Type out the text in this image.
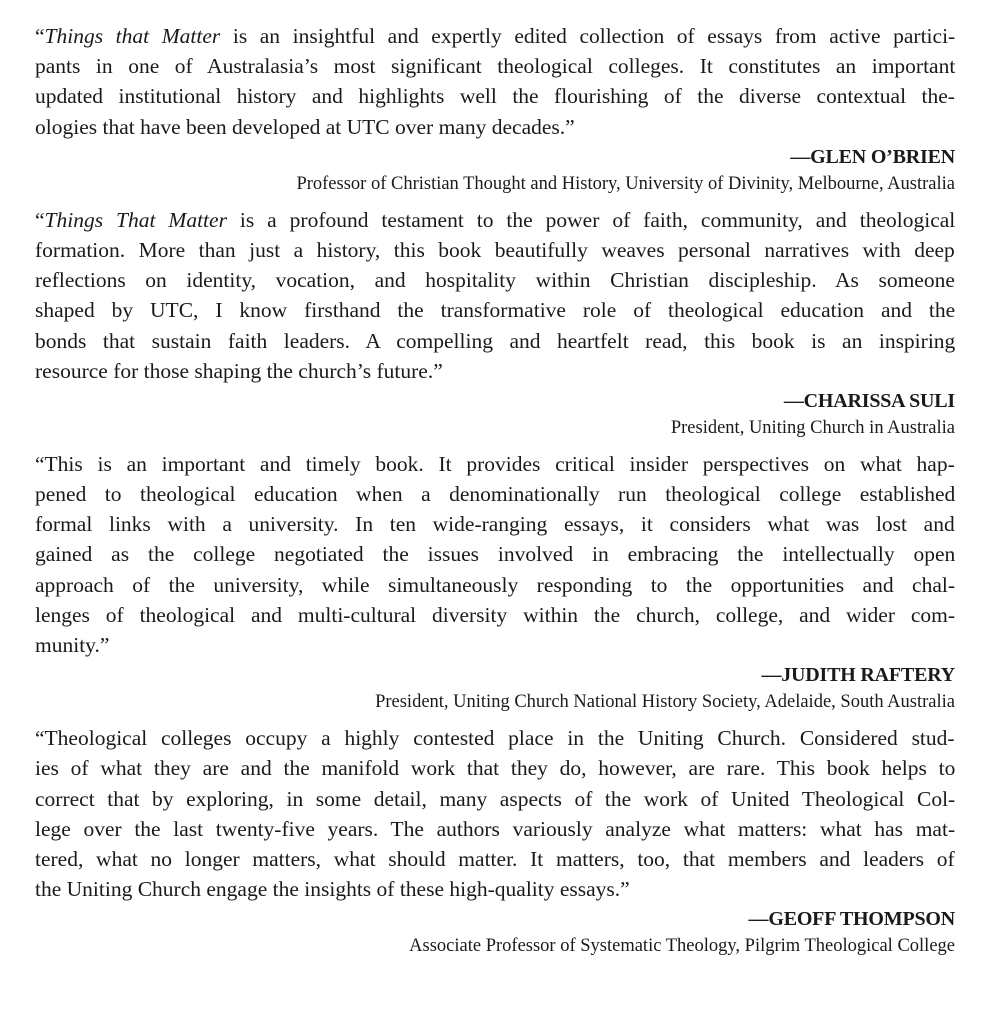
“Things that Matter is an insightful and expertly edited collection of essays from active partici-
pants in one of Australasia’s most significant theological colleges. It constitutes an important
updated institutional history and highlights well the flourishing of the diverse contextual the-
ologies that have been developed at UTC over many decades.”
—GLEN O’BRIEN
Professor of Christian Thought and History, University of Divinity, Melbourne, Australia
“Things That Matter is a profound testament to the power of faith, community, and theological
formation. More than just a history, this book beautifully weaves personal narratives with deep
reflections on identity, vocation, and hospitality within Christian discipleship. As someone
shaped by UTC, I know firsthand the transformative role of theological education and the
bonds that sustain faith leaders. A compelling and heartfelt read, this book is an inspiring
resource for those shaping the church’s future.”
—CHARISSA SULI
President, Uniting Church in Australia
“This is an important and timely book. It provides critical insider perspectives on what hap-
pened to theological education when a denominationally run theological college established
formal links with a university. In ten wide-ranging essays, it considers what was lost and
gained as the college negotiated the issues involved in embracing the intellectually open
approach of the university, while simultaneously responding to the opportunities and chal-
lenges of theological and multi-cultural diversity within the church, college, and wider com-
munity.”
—JUDITH RAFTERY
President, Uniting Church National History Society, Adelaide, South Australia
“Theological colleges occupy a highly contested place in the Uniting Church. Considered stud-
ies of what they are and the manifold work that they do, however, are rare. This book helps to
correct that by exploring, in some detail, many aspects of the work of United Theological Col-
lege over the last twenty-five years. The authors variously analyze what matters: what has mat-
tered, what no longer matters, what should matter. It matters, too, that members and leaders of
the Uniting Church engage the insights of these high-quality essays.”
—GEOFF THOMPSON
Associate Professor of Systematic Theology, Pilgrim Theological College
